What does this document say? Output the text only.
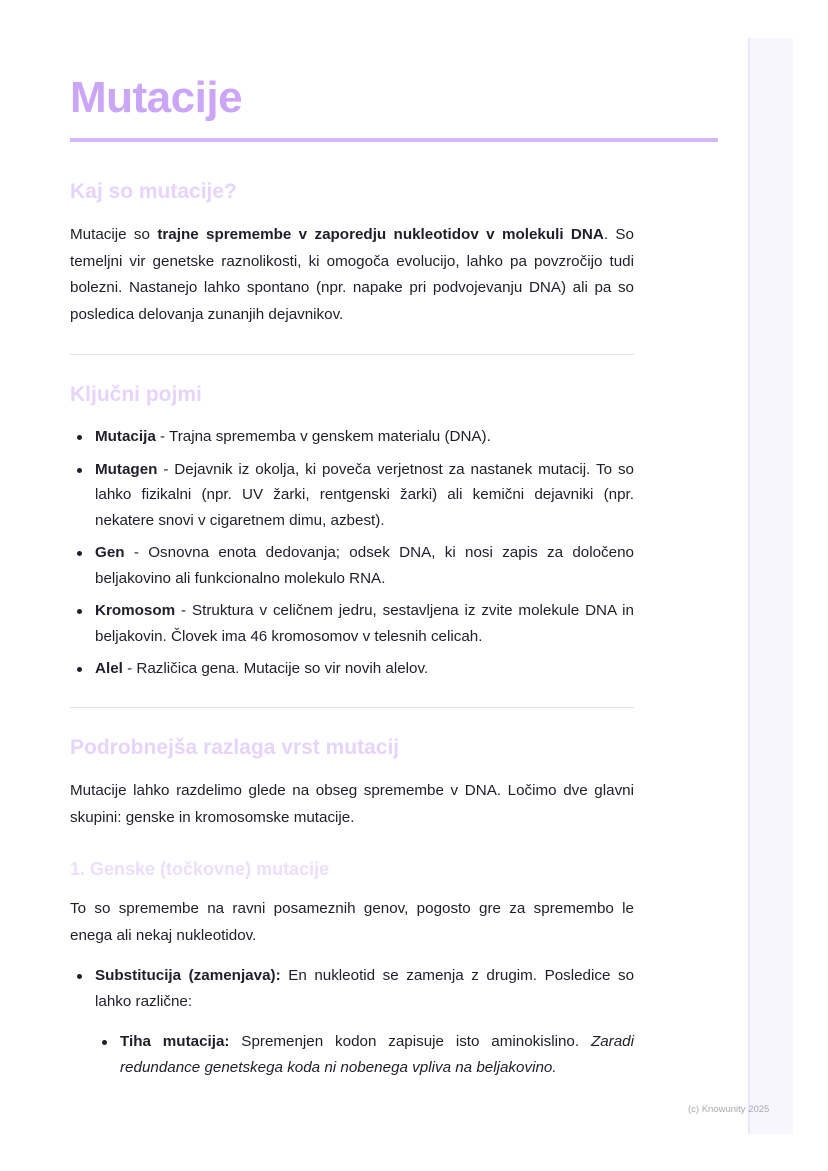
Mutacije
Kaj so mutacije?

Mutacije so trajne spremembe v zaporedju nukleotidov v molekuli DNA. So temeljni vir genetske raznolikosti, ki omogoča evolucijo, lahko pa povzročijo tudi bolezni. Nastanejo lahko spontano (npr. napake pri podvojevanju DNA) ali pa so posledica delovanja zunanjih dejavnikov.

Ključni pojmi
Mutacija - Trajna sprememba v genskem materialu (DNA).
Mutagen - Dejavnik iz okolja, ki poveča verjetnost za nastanek mutacij. To so lahko fizikalni (npr. UV žarki, rentgenski žarki) ali kemični dejavniki (npr. nekatere snovi v cigaretnem dimu, azbest).
Gen - Osnovna enota dedovanja; odsek DNA, ki nosi zapis za določeno beljakovino ali funkcionalno molekulo RNA.
Kromosom - Struktura v celičnem jedru, sestavljena iz zvite molekule DNA in beljakovin. Človek ima 46 kromosomov v telesnih celicah.
Alel - Različica gena. Mutacije so vir novih alelov.
Podrobnejša razlaga vrst mutacij

Mutacije lahko razdelimo glede na obseg spremembe v DNA. Ločimo dve glavni skupini: genske in kromosomske mutacije.

1. Genske (točkovne) mutacije

To so spremembe na ravni posameznih genov, pogosto gre za spremembo le enega ali nekaj nukleotidov.

Substitucija (zamenjava): En nukleotid se zamenja z drugim. Posledice so lahko različne:
Tiha mutacija: Spremenjen kodon zapisuje isto aminokislino. Zaradi redundance genetskega koda ni nobenega vpliva na beljakovino.
(c) Knowunity 2025
